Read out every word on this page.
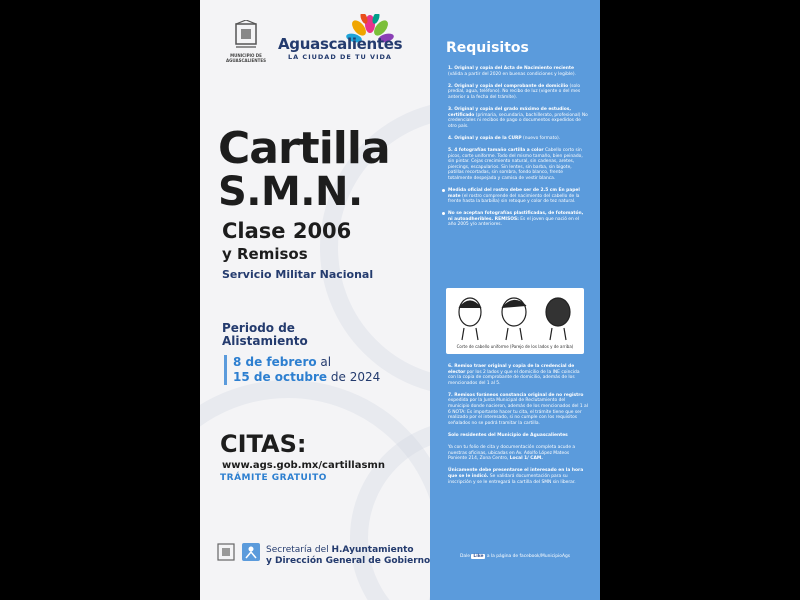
MUNICIPIO DE AGUASCALIENTES
Aguascalientes
LA CIUDAD DE TU VIDA
Cartilla
S.M.N.
Clase 2006
y Remisos
Servicio Militar Nacional
Periodo de Alistamiento
8 de febrero al
15 de octubre de 2024
CITAS:
www.ags.gob.mx/cartillasmn
TRÁMITE GRATUITO
Secretaría del H.Ayuntamiento
y Dirección General de Gobierno
Requisitos

1. Original y copia del Acta de Nacimiento reciente (válida a partir del 2020 en buenas condiciones y legible).

2. Original y copia del comprobante de domicilio (solo predial, agua, teléfono). No recibo de luz (vigente o del mes anterior a la fecha del trámite).

3. Original y copia del grado máximo de estudios, certificado (primaria, secundaria, bachillerato, profesional) No credenciales ni recibos de pago o documentos expedidos de otro país.

4. Original y copia de la CURP (nuevo formato).

5. 4 fotografías tamaño cartilla a color Cabello corto sin picos, corte uniforme. Todo del mismo tamaño, bien peinado, sin pintar. Cejas crecimiento natural, sin cadenas, aretes, piercings, escapularios. Sin lentes, sin barba, sin bigote, patillas recortadas, sin sombra, fondo blanco, frente totalmente despejada y camisa de vestir blanca.

Medida oficial del rostro debe ser de 2.5 cm En papel mate (el rostro comprende del nacimiento del cabello de la frente hasta la barbilla) sin retoque y color de tez natural.

No se aceptan fotografías plastificadas, de fotomatón, ni autoadheribles. REMISOS: Es el joven que nació en el año 2005 y/o anteriores.

Corte de cabello uniforme (Parejo de los lados y de arriba)

6. Remiso traer original y copia de la credencial de elector por los 2 lados y que el domicilio de la INE coincida con la copia de comprobante de domicilio, además de los mencionados del 1 al 5.

7. Remisos foráneos constancia original de no registro expedida por la Junta Municipal de Reclutamiento del municipio donde nacieron, además de los mencionados del 1 al 6 NOTA: Es importante hacer tu cita, el trámite tiene que ser realizado por el interesado, si no cumple con los requisitos señalados no se podrá tramitar la cartilla.

Solo residentes del Municipio de Aguascalientes

Ya con tu folio de cita y documentación completa acude a nuestras oficinas, ubicadas en Av. Adolfo López Mateos Poniente 214, Zona Centro, Local 1/ CAM.

Únicamente debe presentarse el interesado en la hora que se le indicó. Se validará documentación para su inscripción y se le entregará la cartilla del SMN sin liberar.

Dale Like a la página de facebook/MunicipioAgs
